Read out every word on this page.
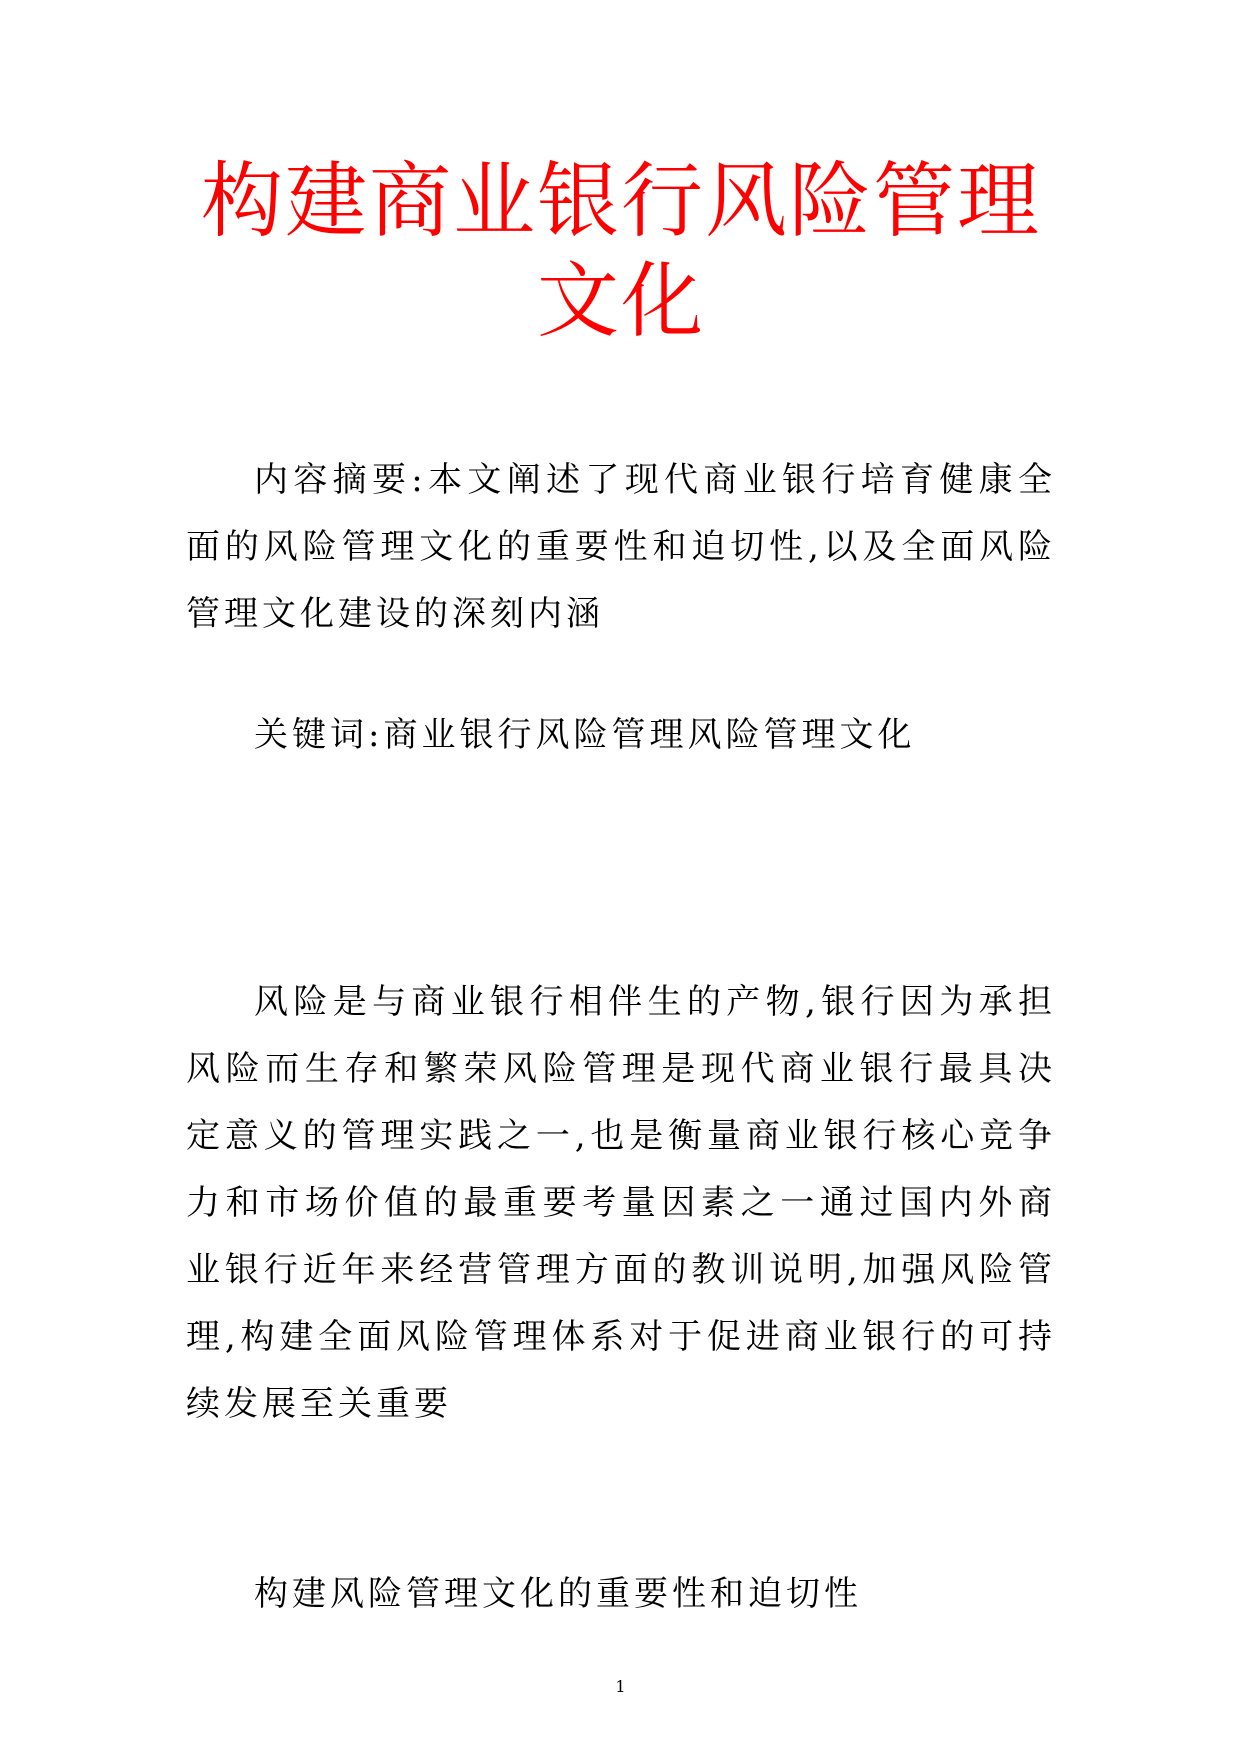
构建商业银行风险管理文化

内容摘要:本文阐述了现代商业银行培育健康全面的风险管理文化的重要性和迫切性,以及全面风险管理文化建设的深刻内涵

关键词:商业银行风险管理风险管理文化

风险是与商业银行相伴生的产物,银行因为承担风险而生存和繁荣风险管理是现代商业银行最具决定意义的管理实践之一,也是衡量商业银行核心竞争力和市场价值的最重要考量因素之一通过国内外商业银行近年来经营管理方面的教训说明,加强风险管理,构建全面风险管理体系对于促进商业银行的可持续发展至关重要

构建风险管理文化的重要性和迫切性

1
